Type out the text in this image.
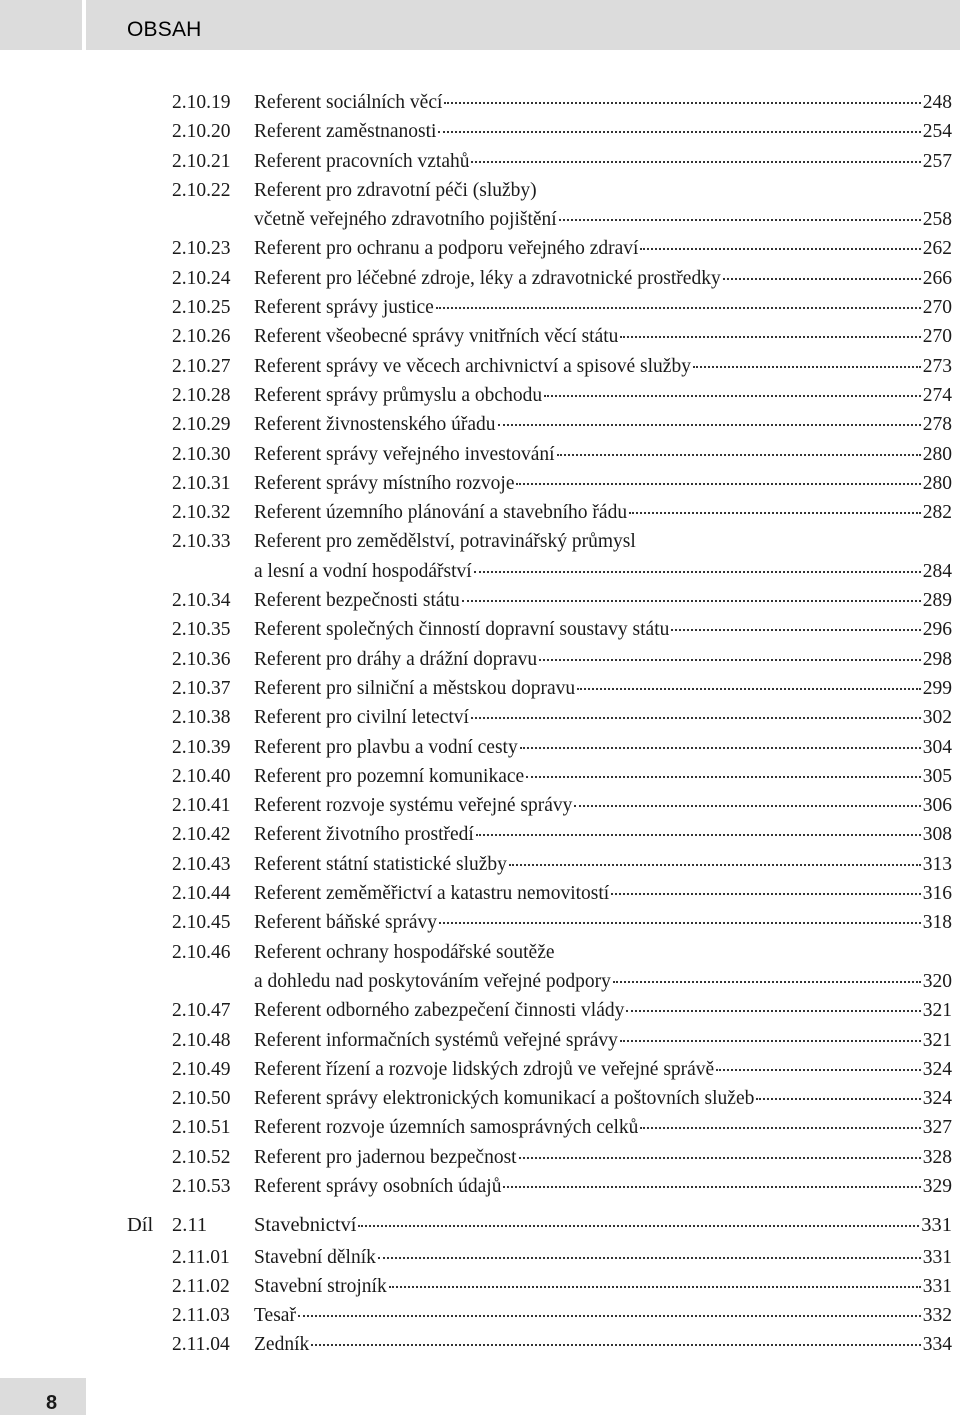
OBSAH
2.10.19 Referent sociálních věcí	248
2.10.20 Referent zaměstnanosti	254
2.10.21 Referent pracovních vztahů	257
2.10.22 Referent pro zdravotní péči (služby)
včetně veřejného zdravotního pojištění	258
2.10.23 Referent pro ochranu a podporu veřejného zdraví	262
2.10.24 Referent pro léčebné zdroje, léky a zdravotnické prostředky	266
2.10.25 Referent správy justice	270
2.10.26 Referent všeobecné správy vnitřních věcí státu	270
2.10.27 Referent správy ve věcech archivnictví a spisové služby	273
2.10.28 Referent správy průmyslu a obchodu	274
2.10.29 Referent živnostenského úřadu	278
2.10.30 Referent správy veřejného investování	280
2.10.31 Referent správy místního rozvoje	280
2.10.32 Referent územního plánování a stavebního řádu	282
2.10.33 Referent pro zemědělství, potravinářský průmysl
a lesní a vodní hospodářství	284
2.10.34 Referent bezpečnosti státu	289
2.10.35 Referent společných činností dopravní soustavy státu	296
2.10.36 Referent pro dráhy a drážní dopravu	298
2.10.37 Referent pro silniční a městskou dopravu	299
2.10.38 Referent pro civilní letectví	302
2.10.39 Referent pro plavbu a vodní cesty	304
2.10.40 Referent pro pozemní komunikace	305
2.10.41 Referent rozvoje systému veřejné správy	306
2.10.42 Referent životního prostředí	308
2.10.43 Referent státní statistické služby	313
2.10.44 Referent zeměměřictví a katastru nemovitostí	316
2.10.45 Referent báňské správy	318
2.10.46 Referent ochrany hospodářské soutěže
a dohledu nad poskytováním veřejné podpory	320
2.10.47 Referent odborného zabezpečení činnosti vlády	321
2.10.48 Referent informačních systémů veřejné správy	321
2.10.49 Referent řízení a rozvoje lidských zdrojů ve veřejné správě	324
2.10.50 Referent správy elektronických komunikací a poštovních služeb	324
2.10.51 Referent rozvoje územních samosprávných celků	327
2.10.52 Referent pro jadernou bezpečnost	328
2.10.53 Referent správy osobních údajů	329
Díl 2.11 Stavebnictví	331
2.11.01 Stavební dělník	331
2.11.02 Stavební strojník	331
2.11.03 Tesař	332
2.11.04 Zedník	334

8
